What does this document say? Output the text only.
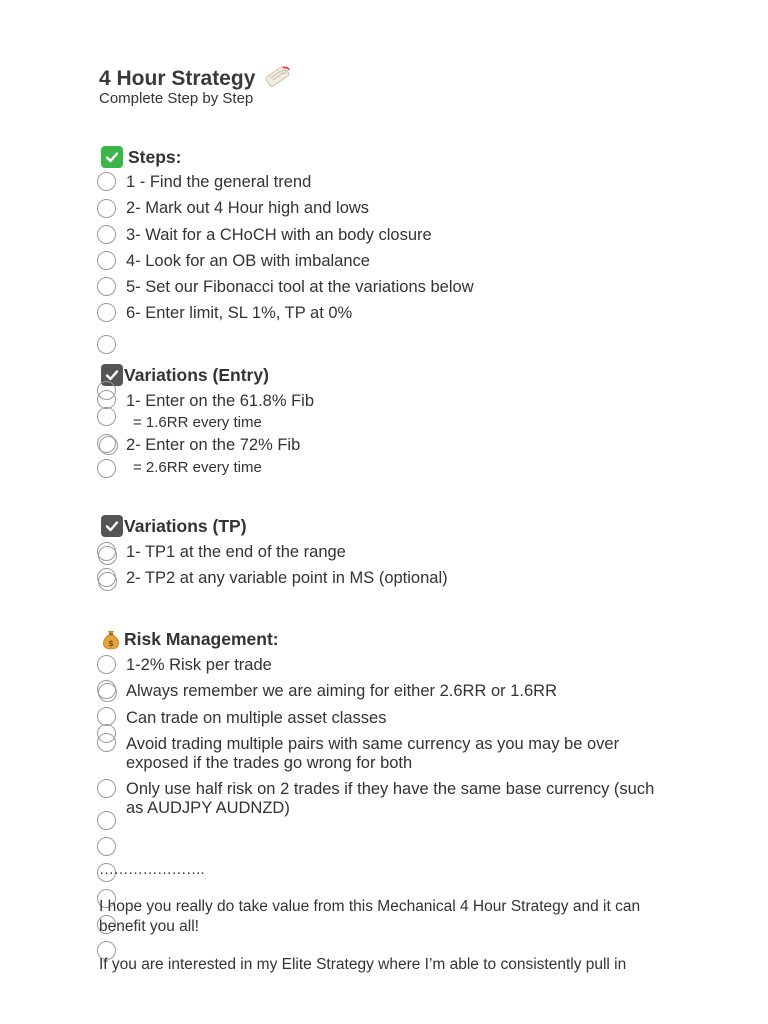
4 Hour Strategy
Complete Step by Step
Steps:
1 - Find the general trend
2- Mark out 4 Hour high and lows
3- Wait for a CHoCH with an body closure
4- Look for an OB with imbalance
5- Set our Fibonacci tool at the variations below
6- Enter limit, SL 1%, TP at 0%
Variations (Entry)
1- Enter on the 61.8% Fib
= 1.6RR every time
2- Enter on the 72% Fib
= 2.6RR every time
Variations (TP)
1- TP1 at the end of the range
2- TP2 at any variable point in MS (optional)
$ Risk Management:
1-2% Risk per trade
Always remember we are aiming for either 2.6RR or 1.6RR
Can trade on multiple asset classes
Avoid trading multiple pairs with same currency as you may be over exposed if the trades go wrong for both
Only use half risk on 2 trades if they have the same base currency (such as AUDJPY AUDNZD)
………………….
I hope you really do take value from this Mechanical 4 Hour Strategy and it can benefit you all!
If you are interested in my Elite Strategy where I’m able to consistently pull in
